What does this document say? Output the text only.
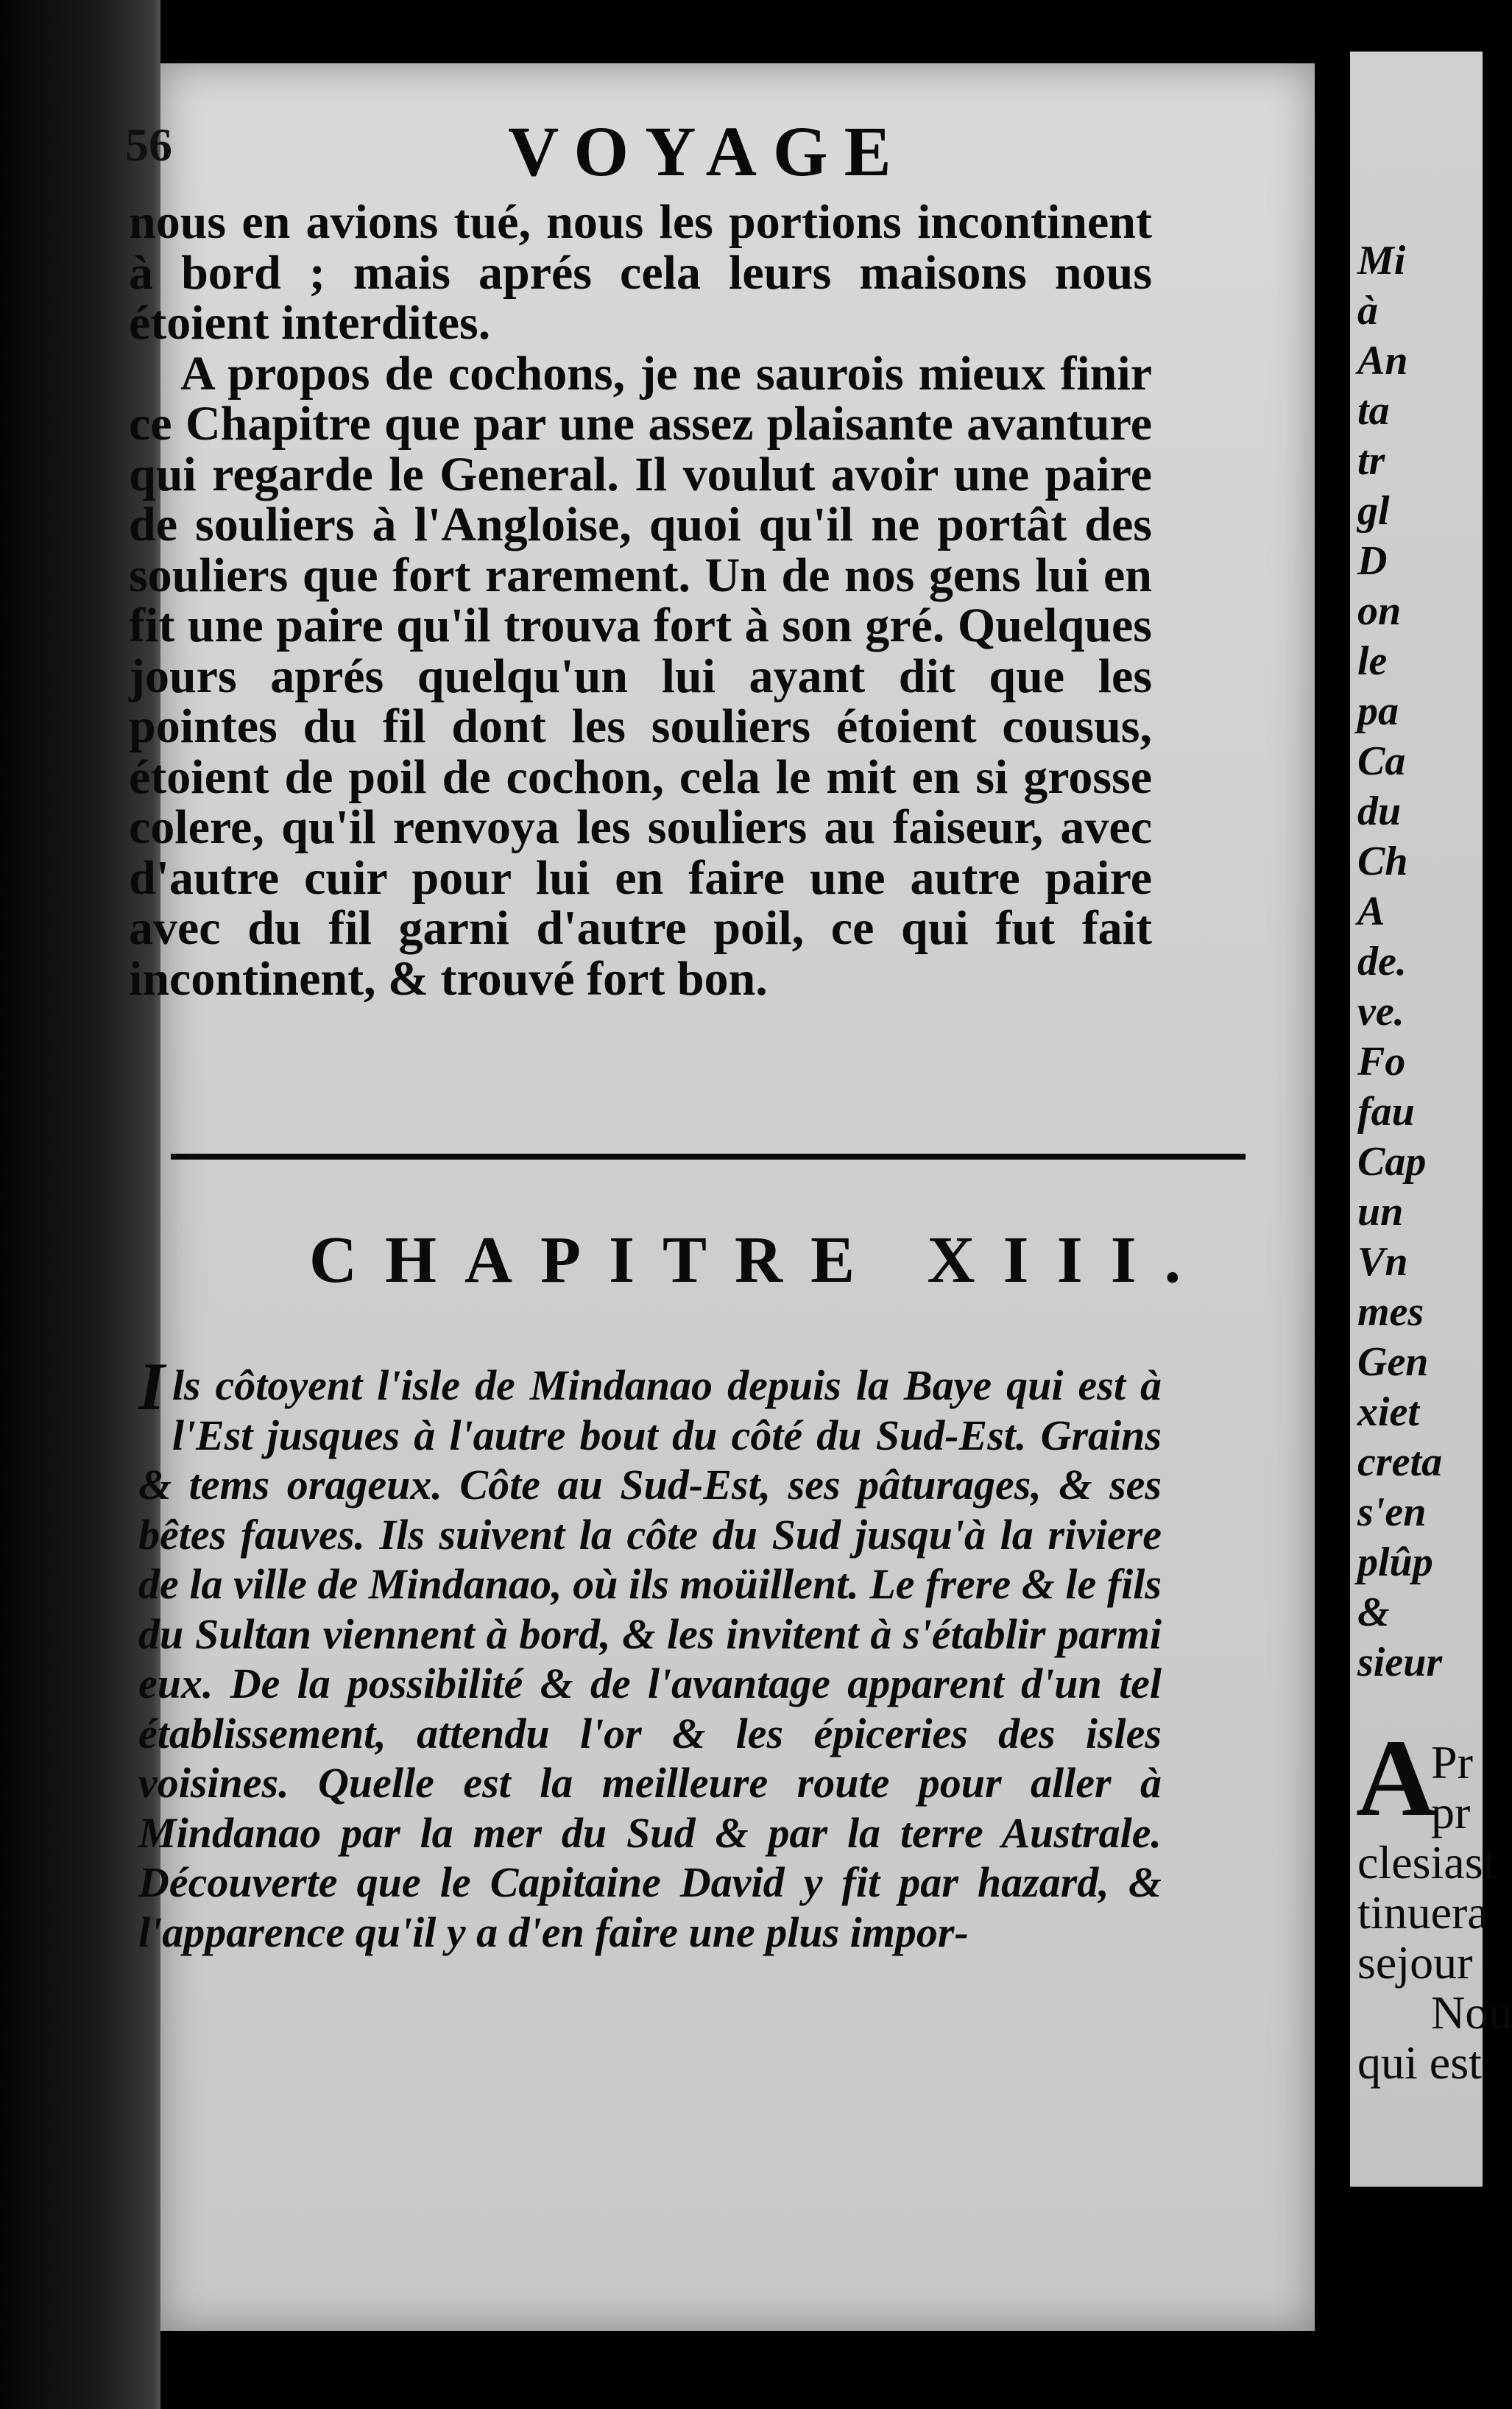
56	VOYAGE

nous en avions tué, nous les portions incontinent à bord ; mais aprés cela leurs maisons nous étoient interdites.

A propos de cochons, je ne saurois mieux finir ce Chapitre que par une assez plaisante avanture qui regarde le General. Il voulut avoir une paire de souliers à l'Angloise, quoi qu'il ne portât des souliers que fort rarement. Un de nos gens lui en fit une paire qu'il trouva fort à son gré. Quelques jours aprés quelqu'un lui ayant dit que les pointes du fil dont les souliers étoient cousus, étoient de poil de cochon, cela le mit en si grosse colere, qu'il renvoya les souliers au faiseur, avec d'autre cuir pour lui en faire une autre paire avec du fil garni d'autre poil, ce qui fut fait incontinent, & trouvé fort bon.

CHAPITRE XIII.
I ls côtoyent l'isle de Mindanao depuis la Baye qui est à l'Est jusques à l'autre bout du côté du Sud-Est. Grains & tems orageux. Côte au Sud-Est, ses pâturages, & ses bêtes fauves. Ils suivent la côte du Sud jusqu'à la riviere de la ville de Mindanao, où ils moüillent. Le frere & le fils du Sultan viennent à bord, & les invitent à s'établir parmi eux. De la possibilité & de l'avantage apparent d'un tel établissement, attendu l'or & les épiceries des isles voisines. Quelle est la meilleure route pour aller à Mindanao par la mer du Sud & par la terre Australe. Découverte que le Capitaine David y fit par hazard, & l'apparence qu'il y a d'en faire une plus impor-
Mi
à
An
ta
tr
gl
D
on
le
pa
Ca
du
Ch
A
de.
ve.
Fo
fau
Cap
un
Vn
mes
Gen
xiet
creta
s'en
plûp
&
sieur
A
Pr
pr
clesiast
tinuera
sejour
Nou
qui est
